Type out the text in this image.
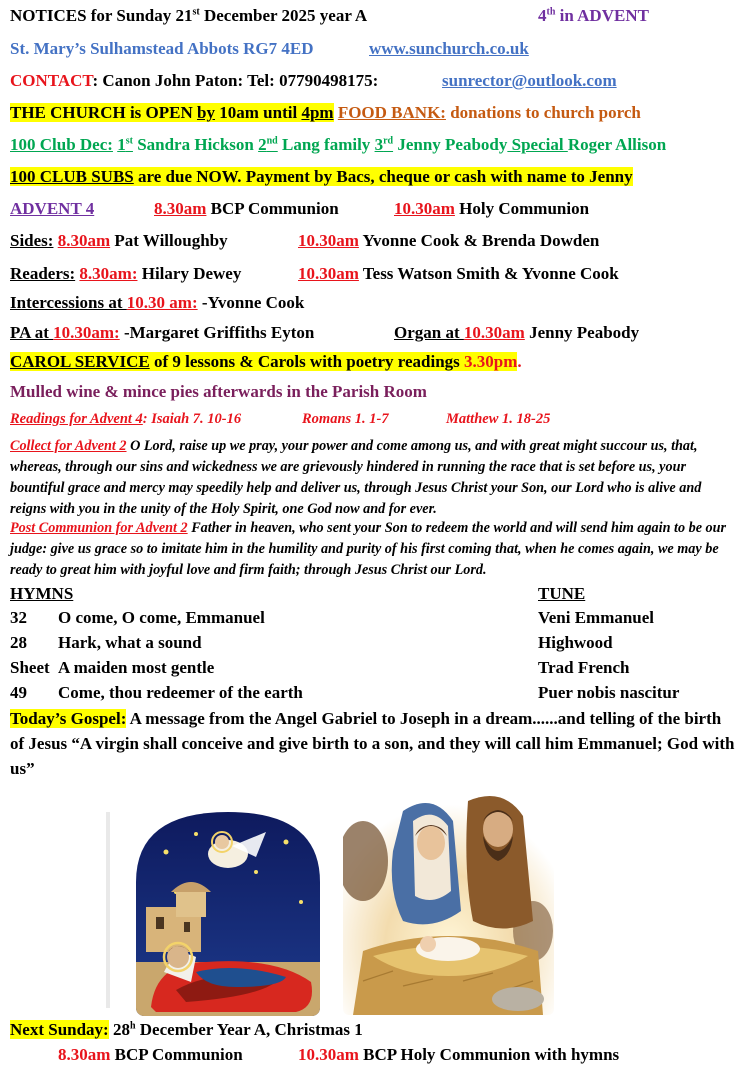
NOTICES for Sunday 21st December 2025 year A	4th in ADVENT
St. Mary’s Sulhamstead Abbots RG7 4ED	www.sunchurch.co.uk
CONTACT: Canon John Paton: Tel: 07790498175:	sunrector@outlook.com
THE CHURCH is OPEN by 10am until 4pm FOOD BANK: donations to church porch
100 Club Dec: 1st Sandra Hickson 2nd Lang family 3rd Jenny Peabody Special Roger Allison
100 CLUB SUBS are due NOW. Payment by Bacs, cheque or cash with name to Jenny
ADVENT 4	8.30am BCP Communion	10.30am Holy Communion
Sides: 8.30am Pat Willoughby	10.30am Yvonne Cook & Brenda Dowden
Readers: 8.30am: Hilary Dewey	10.30am Tess Watson Smith & Yvonne Cook
Intercessions at 10.30 am: -Yvonne Cook
PA at 10.30am: -Margaret Griffiths Eyton	Organ at 10.30am Jenny Peabody
CAROL SERVICE of 9 lessons & Carols with poetry readings 3.30pm.
Mulled wine & mince pies afterwards in the Parish Room
Readings for Advent 4: Isaiah 7. 10-16	Romans 1. 1-7	Matthew 1. 18-25
Collect for Advent 2 O Lord, raise up we pray, your power and come among us, and with great might succour us, that, whereas, through our sins and wickedness we are grievously hindered in running the race that is set before us, your bountiful grace and mercy may speedily help and deliver us, through Jesus Christ your Son, our Lord who is alive and reigns with you in the unity of the Holy Spirit, one God now and for ever.
Post Communion for Advent 2 Father in heaven, who sent your Son to redeem the world and will send him again to be our judge: give us grace so to imitate him in the humility and purity of his first coming that, when he comes again, we may be ready to great him with joyful love and firm faith; through Jesus Christ our Lord.
HYMNS	TUNE
32 O come, O come, Emmanuel	Veni Emmanuel
28 Hark, what a sound	Highwood
Sheet A maiden most gentle	Trad French
49 Come, thou redeemer of the earth	Puer nobis nascitur
Today’s Gospel: A message from the Angel Gabriel to Joseph in a dream......and telling of the birth of Jesus “A virgin shall conceive and give birth to a son, and they will call him Emmanuel; God with us”
Next Sunday: 28$^h$ December Year A, Christmas 1
8.30am BCP Communion	10.30am BCP Holy Communion with hymns
